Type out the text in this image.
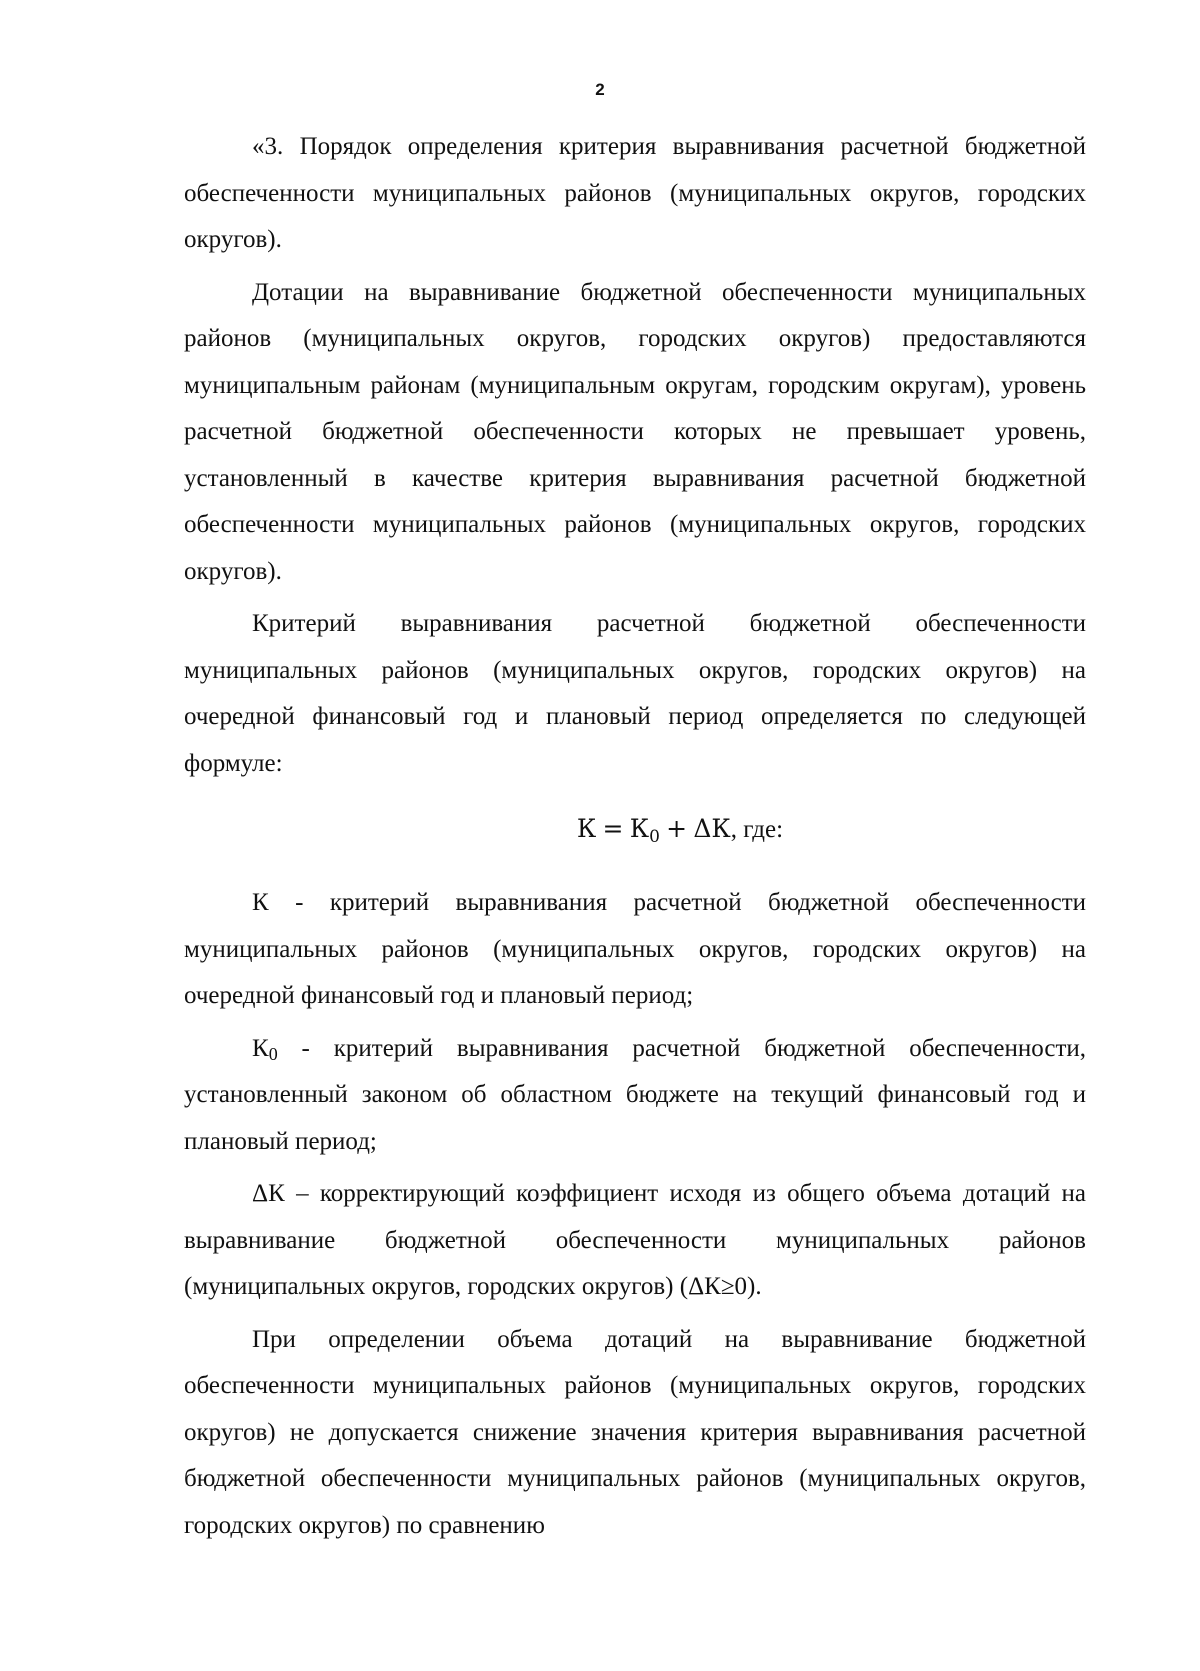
2

«3. Порядок определения критерия выравнивания расчетной бюджетной обеспеченности муниципальных районов (муниципальных округов, городских округов).

Дотации на выравнивание бюджетной обеспеченности муниципальных районов (муниципальных округов, городских округов) предоставляются муниципальным районам (муниципальным округам, городским округам), уровень расчетной бюджетной обеспеченности которых не превышает уровень, установленный в качестве критерия выравнивания расчетной бюджетной обеспеченности муниципальных районов (муниципальных округов, городских округов).

Критерий выравнивания расчетной бюджетной обеспеченности муниципальных районов (муниципальных округов, городских округов) на очередной финансовый год и плановый период определяется по следующей формуле:

$К = К_0 + \Delta К$, где:

К - критерий выравнивания расчетной бюджетной обеспеченности муниципальных районов (муниципальных округов, городских округов) на очередной финансовый год и плановый период;

$К_0$ - критерий выравнивания расчетной бюджетной обеспеченности, установленный законом об областном бюджете на текущий финансовый год и плановый период;

ΔК – корректирующий коэффициент исходя из общего объема дотаций на выравнивание бюджетной обеспеченности муниципальных районов (муниципальных округов, городских округов) (ΔК≥0).

При определении объема дотаций на выравнивание бюджетной обеспеченности муниципальных районов (муниципальных округов, городских округов) не допускается снижение значения критерия выравнивания расчетной бюджетной обеспеченности муниципальных районов (муниципальных округов, городских округов) по сравнению
